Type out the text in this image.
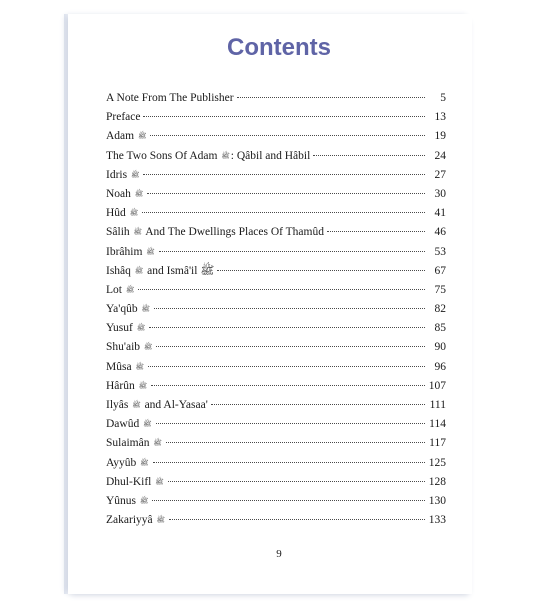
Contents
A Note From The Publisher	5
Preface	13
Adam ﷺ	19
The Two Sons Of Adam ﷺ: Qâbil and Hâbil	24
Idris ﷺ	27
Noah ﷺ	30
Hûd ﷺ	41
Sâlih ﷺ And The Dwellings Places Of Thamûd	46
Ibrâhim ﷺ	53
Ishâq ﷺ and Ismâ'il ﷺ	67
Lot ﷺ	75
Ya'qûb ﷺ	82
Yusuf ﷺ	85
Shu'aib ﷺ	90
Mûsa ﷺ	96
Hârûn ﷺ	107
Ilyâs ﷺ and Al-Yasaa'	111
Dawûd ﷺ	114
Sulaimân ﷺ	117
Ayyûb ﷺ	125
Dhul-Kifl ﷺ	128
Yûnus ﷺ	130
Zakariyyâ ﷺ	133
9
